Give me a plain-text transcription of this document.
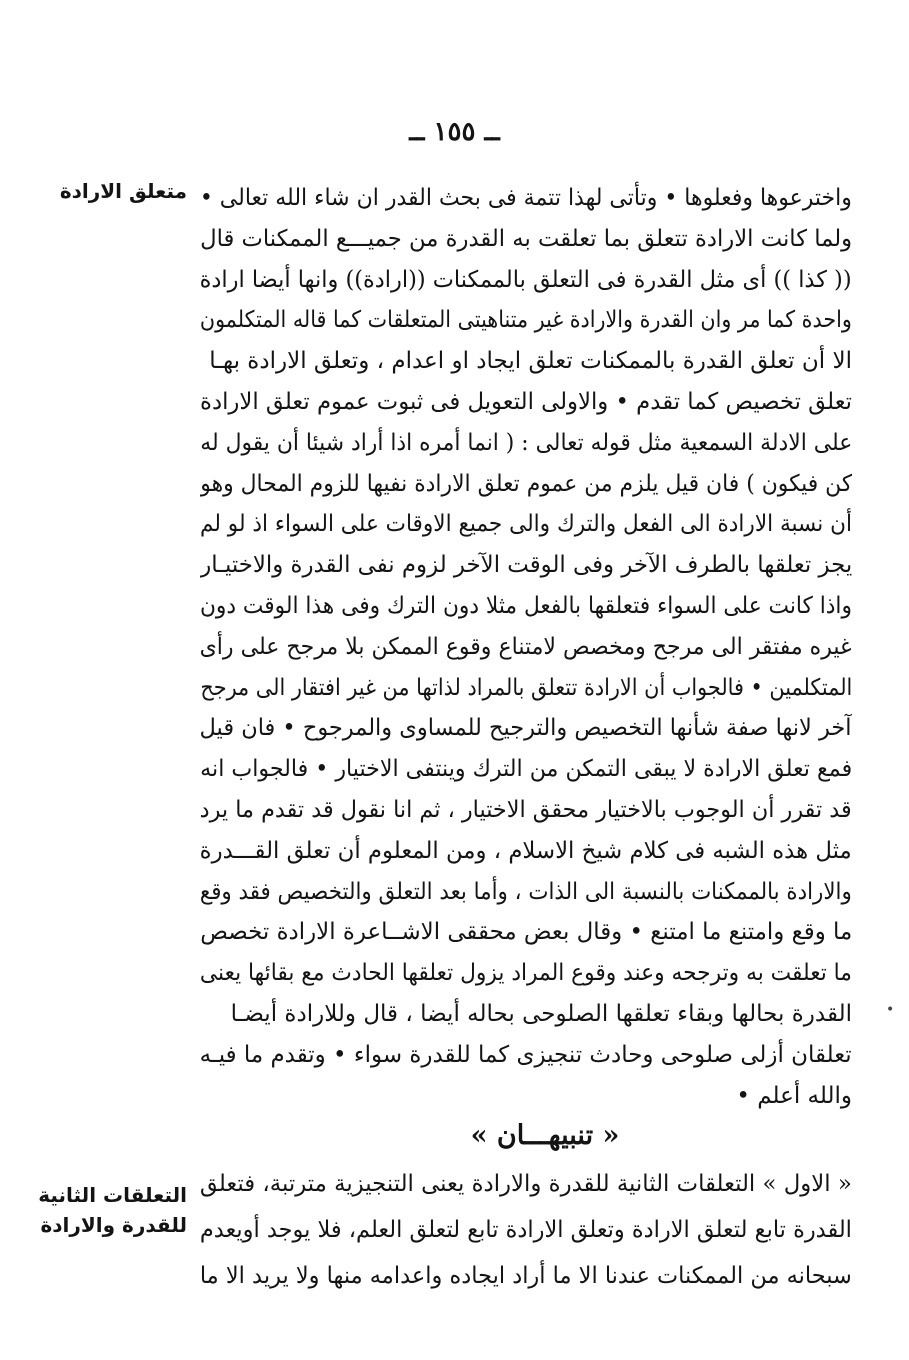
ــ ١٥٥ ــ
متعلق الارادة واخترعوها وفعلوها • وتأتى لهذا تتمة فى بحث القدر ان شاء الله تعالى •
ولما كانت الارادة تتعلق بما تعلقت به القدرة من جميـــع الممكنات قال
(( كذا )) أى مثل القدرة فى التعلق بالممكنات ((ارادة)) وانها أيضا ارادة
واحدة كما مر وان القدرة والارادة غير متناهيتى المتعلقات كما قاله المتكلمون
الا أن تعلق القدرة بالممكنات تعلق ايجاد او اعدام ، وتعلق الارادة بهـا
تعلق تخصيص كما تقدم • والاولى التعويل فى ثبوت عموم تعلق الارادة
على الادلة السمعية مثل قوله تعالى : ( انما أمره اذا أراد شيئا أن يقول له
كن فيكون ) فان قيل يلزم من عموم تعلق الارادة نفيها للزوم المحال وهو
أن نسبة الارادة الى الفعل والترك والى جميع الاوقات على السواء اذ لو لم
يجز تعلقها بالطرف الآخر وفى الوقت الآخر لزوم نفى القدرة والاختيـار
واذا كانت على السواء فتعلقها بالفعل مثلا دون الترك وفى هذا الوقت دون
غيره مفتقر الى مرجح ومخصص لامتناع وقوع الممكن بلا مرجح على رأى
المتكلمين • فالجواب أن الارادة تتعلق بالمراد لذاتها من غير افتقار الى مرجح
آخر لانها صفة شأنها التخصيص والترجيح للمساوى والمرجوح • فان قيل
فمع تعلق الارادة لا يبقى التمكن من الترك وينتفى الاختيار • فالجواب انه
قد تقرر أن الوجوب بالاختيار محقق الاختيار ، ثم انا نقول قد تقدم ما يرد
مثل هذه الشبه فى كلام شيخ الاسلام ، ومن المعلوم أن تعلق القـــدرة
والارادة بالممكنات بالنسبة الى الذات ، وأما بعد التعلق والتخصيص فقد وقع
ما وقع وامتنع ما امتنع • وقال بعض محققى الاشــاعرة الارادة تخصص
ما تعلقت به وترجحه وعند وقوع المراد يزول تعلقها الحادث مع بقائها يعنى
القدرة بحالها وبقاء تعلقها الصلوحى بحاله أيضا ، قال وللارادة أيضـا
تعلقان أزلى صلوحى وحادث تنجيزى كما للقدرة سواء • وتقدم ما فيـه
والله أعلم •
•
« تنبيهـــان »
التعلقات الثانية
للقدرة والارادة
« الاول » التعلقات الثانية للقدرة والارادة يعنى التنجيزية مترتبة، فتعلق
القدرة تابع لتعلق الارادة وتعلق الارادة تابع لتعلق العلم، فلا يوجد أويعدم
سبحانه من الممكنات عندنا الا ما أراد ايجاده واعدامه منها ولا يريد الا ما
